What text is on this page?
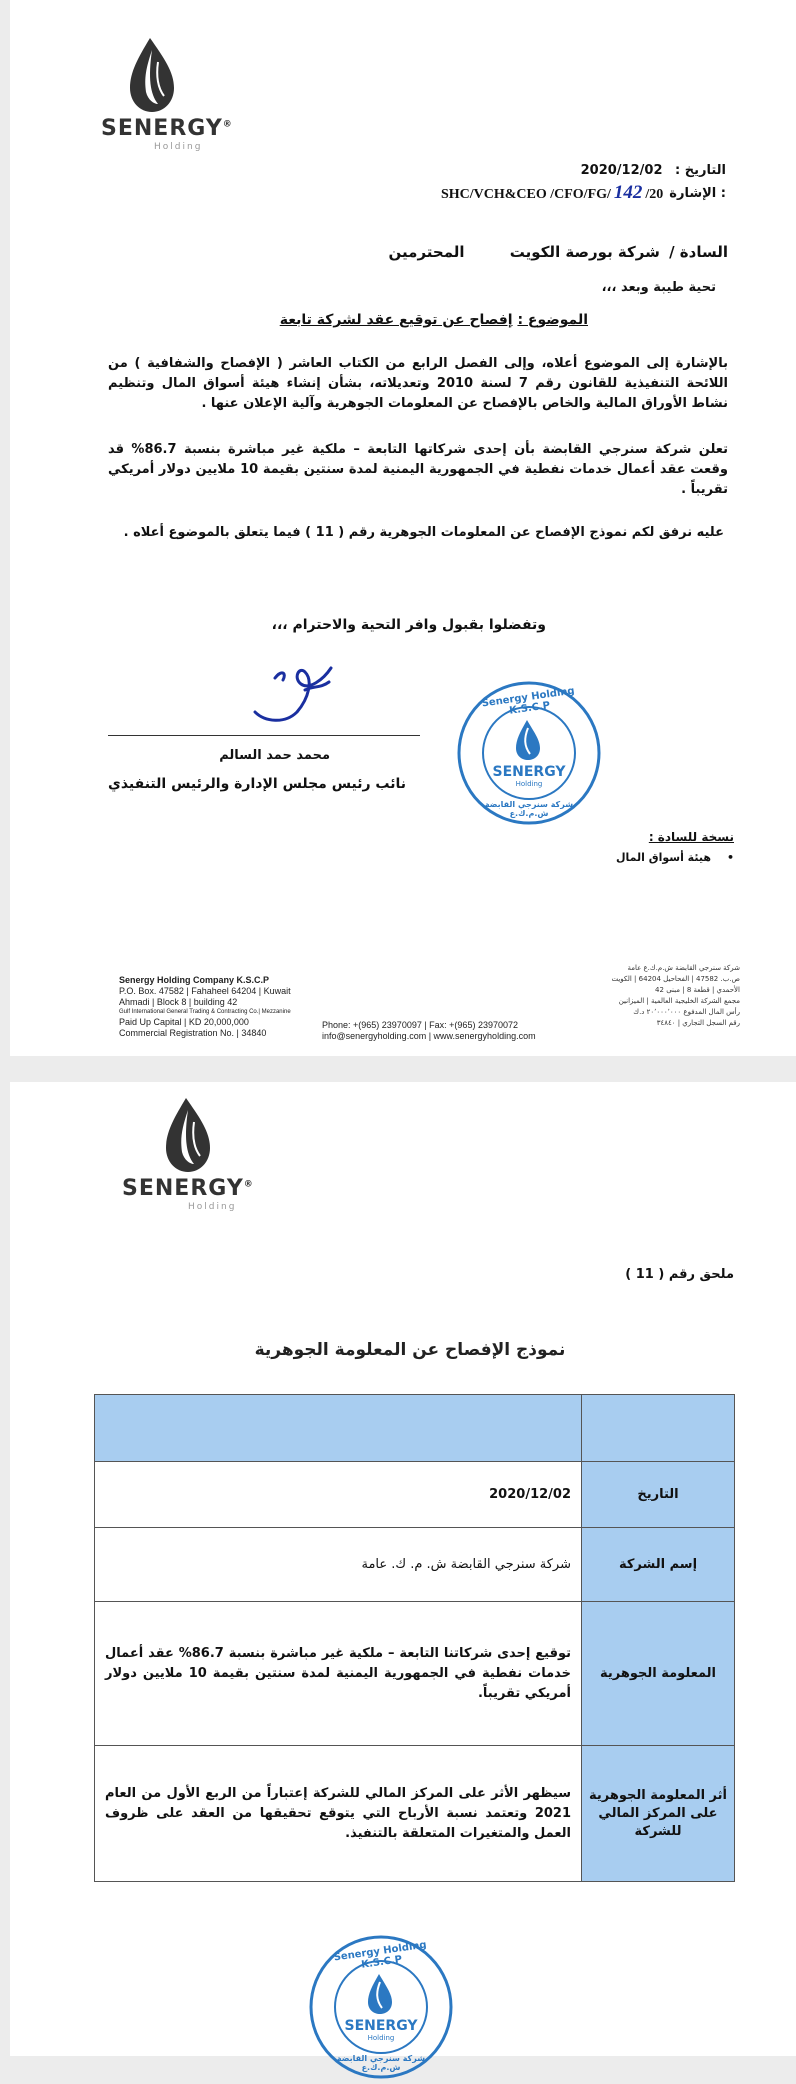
SENERGY®
Holding
التاريخ : 2020/12/02
SHC/VCH&CEO /CFO/FG/ 142 /20 الإشارة :
السادة / شركة بورصة الكويت المحترمين
تحية طيبة وبعد ،،،
الموضوع : إفصاح عن توقيع عقد لشركة تابعة
بالإشارة إلى الموضوع أعلاه، وإلى الفصل الرابع من الكتاب العاشر ( الإفصاح والشفافية ) من اللائحة التنفيذية للقانون رقم 7 لسنة 2010 وتعديلاته، بشأن إنشاء هيئة أسواق المال وتنظيم نشاط الأوراق المالية والخاص بالإفصاح عن المعلومات الجوهرية وآلية الإعلان عنها .
تعلن شركة سنرجي القابضة بأن إحدى شركاتها التابعة – ملكية غير مباشرة بنسبة 86.7% قد وقعت عقد أعمال خدمات نفطية في الجمهورية اليمنية لمدة سنتين بقيمة 10 ملايين دولار أمريكي تقريباً .
عليه نرفق لكم نموذج الإفصاح عن المعلومات الجوهرية رقم ( 11 ) فيما يتعلق بالموضوع أعلاه .
وتفضلوا بقبول وافر التحية والاحترام ،،،
محمد حمد السالم
نائب رئيس مجلس الإدارة والرئيس التنفيذي
Senergy Holding K.S.C.P
SENERGY
Holding
شركة سنرجي القابضة ش.م.ك.ع
نسخة للسادة :
•هيئة أسواق المال
Senergy Holding Company K.S.C.P
P.O. Box. 47582 | Fahaheel 64204 | Kuwait
Ahmadi | Block 8 | building 42
Gulf International General Trading & Contracting Co.| Mezzanine
Paid Up Capital | KD 20,000,000
Commercial Registration No. | 34840
Phone: +(965) 23970097 | Fax: +(965) 23970072
info@senergyholding.com | www.senergyholding.com
شركة سنرجي القابضة ش.م.ك.ع عامة
ص.ب. 47582 | الفحاحيل 64204 | الكويت
الأحمدي | قطعة 8 | مبنى 42
مجمع الشركة الخليجية العالمية | الميزانين
رأس المال المدفوع ٢٠٬٠٠٠٬٠٠٠ د.ك
رقم السجل التجاري | ٣٤٨٤٠
SENERGY®
Holding
ملحق رقم ( 11 )
نموذج الإفصاح عن المعلومة الجوهرية

2020/12/02	التاريخ
شركة سنرجي القابضة ش. م. ك. عامة	إسم الشركة
توقيع إحدى شركاتنا التابعة – ملكية غير مباشرة بنسبة 86.7% عقد أعمال خدمات نفطية في الجمهورية اليمنية لمدة سنتين بقيمة 10 ملايين دولار أمريكي تقريباً.	المعلومة الجوهرية
سيظهر الأثر على المركز المالي للشركة إعتباراً من الربع الأول من العام 2021 وتعتمد نسبة الأرباح التي يتوقع تحقيقها من العقد على ظروف العمل والمتغيرات المتعلقة بالتنفيذ.	أثر المعلومة الجوهرية على المركز المالي للشركة
Senergy Holding K.S.C.P
SENERGY
Holding
شركة سنرجي القابضة ش.م.ك.ع
